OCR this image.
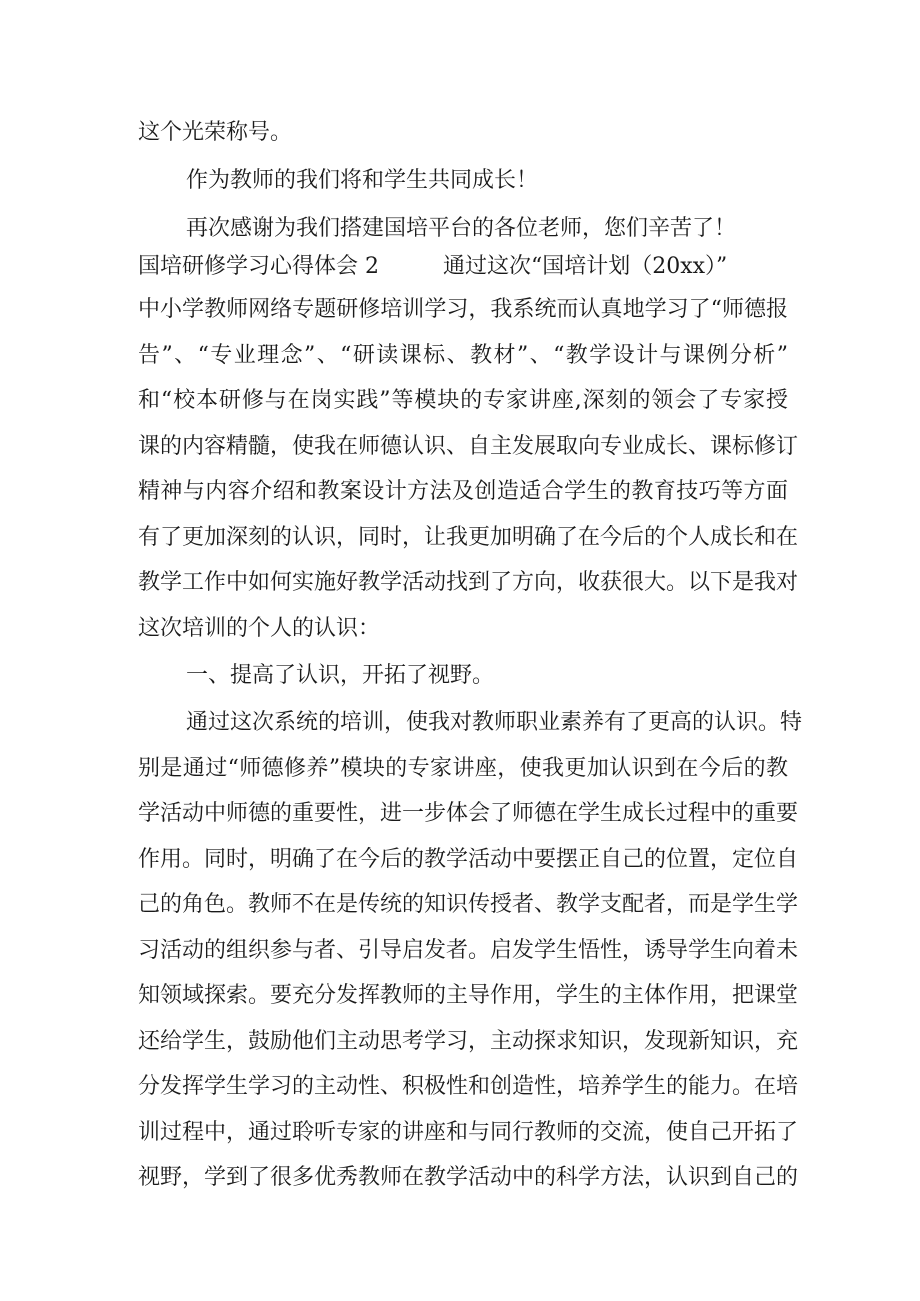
这个光荣称号。
作为教师的我们将和学生共同成长！
再次感谢为我们搭建国培平台的各位老师，您们辛苦了！
国培研修学习心得体会 2	通过这次“国培计划（20xx）”
中小学教师网络专题研修培训学习，我系统而认真地学习了“师德报
告”、“专业理念”、“研读课标、教材”、“教学设计与课例分析”
和“校本研修与在岗实践”等模块的专家讲座,深刻的领会了专家授
课的内容精髓，使我在师德认识、自主发展取向专业成长、课标修订
精神与内容介绍和教案设计方法及创造适合学生的教育技巧等方面
有了更加深刻的认识，同时，让我更加明确了在今后的个人成长和在
教学工作中如何实施好教学活动找到了方向，收获很大。以下是我对
这次培训的个人的认识：
一、提高了认识，开拓了视野。
通过这次系统的培训，使我对教师职业素养有了更高的认识。特
别是通过“师德修养”模块的专家讲座，使我更加认识到在今后的教
学活动中师德的重要性，进一步体会了师德在学生成长过程中的重要
作用。同时，明确了在今后的教学活动中要摆正自己的位置，定位自
己的角色。教师不在是传统的知识传授者、教学支配者，而是学生学
习活动的组织参与者、引导启发者。启发学生悟性，诱导学生向着未
知领域探索。要充分发挥教师的主导作用，学生的主体作用，把课堂
还给学生，鼓励他们主动思考学习，主动探求知识，发现新知识，充
分发挥学生学习的主动性、积极性和创造性，培养学生的能力。在培
训过程中，通过聆听专家的讲座和与同行教师的交流，使自己开拓了
视野，学到了很多优秀教师在教学活动中的科学方法，认识到自己的
